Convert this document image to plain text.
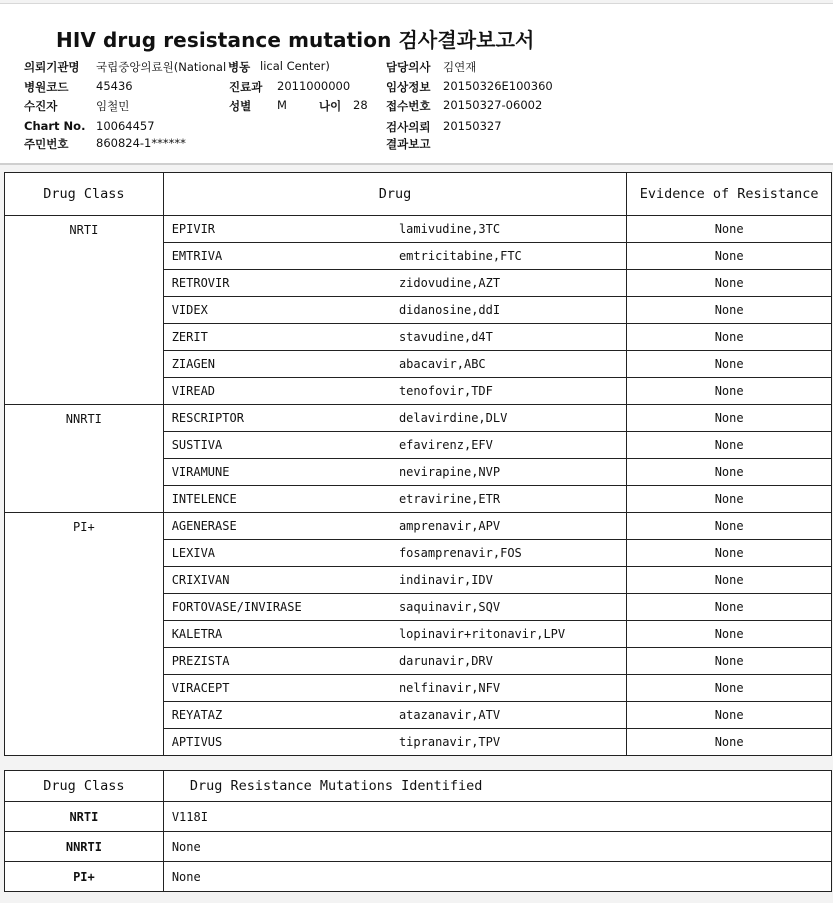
HIV drug resistance mutation 검사결과보고서
의뢰기관명 국립중앙의료원(National 병동 lical Center)	담당의사 김연재
병원코드 45436	진료과 2011000000	임상정보 20150326E100360
수진자	임철민	성별 M	나이 28 접수번호 20150327-06002
Chart No. 10064457	검사의뢰 20150327
주민번호 860824-1******	결과보고
Drug Class	Drug		Evidence of Resistance
NRTI	EPIVIR	lamivudine,3TC	None
	EMTRIVA	emtricitabine,FTC	None
	RETROVIR	zidovudine,AZT	None
	VIDEX	didanosine,ddI	None
	ZERIT	stavudine,d4T	None
	ZIAGEN	abacavir,ABC	None
	VIREAD	tenofovir,TDF	None
NNRTI	RESCRIPTOR	delavirdine,DLV	None
	SUSTIVA	efavirenz,EFV	None
	VIRAMUNE	nevirapine,NVP	None
	INTELENCE	etravirine,ETR	None
PI+	AGENERASE	amprenavir,APV	None
	LEXIVA	fosamprenavir,FOS	None
	CRIXIVAN	indinavir,IDV	None
	FORTOVASE/INVIRASE	saquinavir,SQV	None
	KALETRA	lopinavir+ritonavir,LPV	None
	PREZISTA	darunavir,DRV	None
	VIRACEPT	nelfinavir,NFV	None
	REYATAZ	atazanavir,ATV	None
	APTIVUS	tipranavir,TPV	None
Drug Class	Drug Resistance Mutations Identified
NRTI	V118I
NNRTI	None
PI+	None
